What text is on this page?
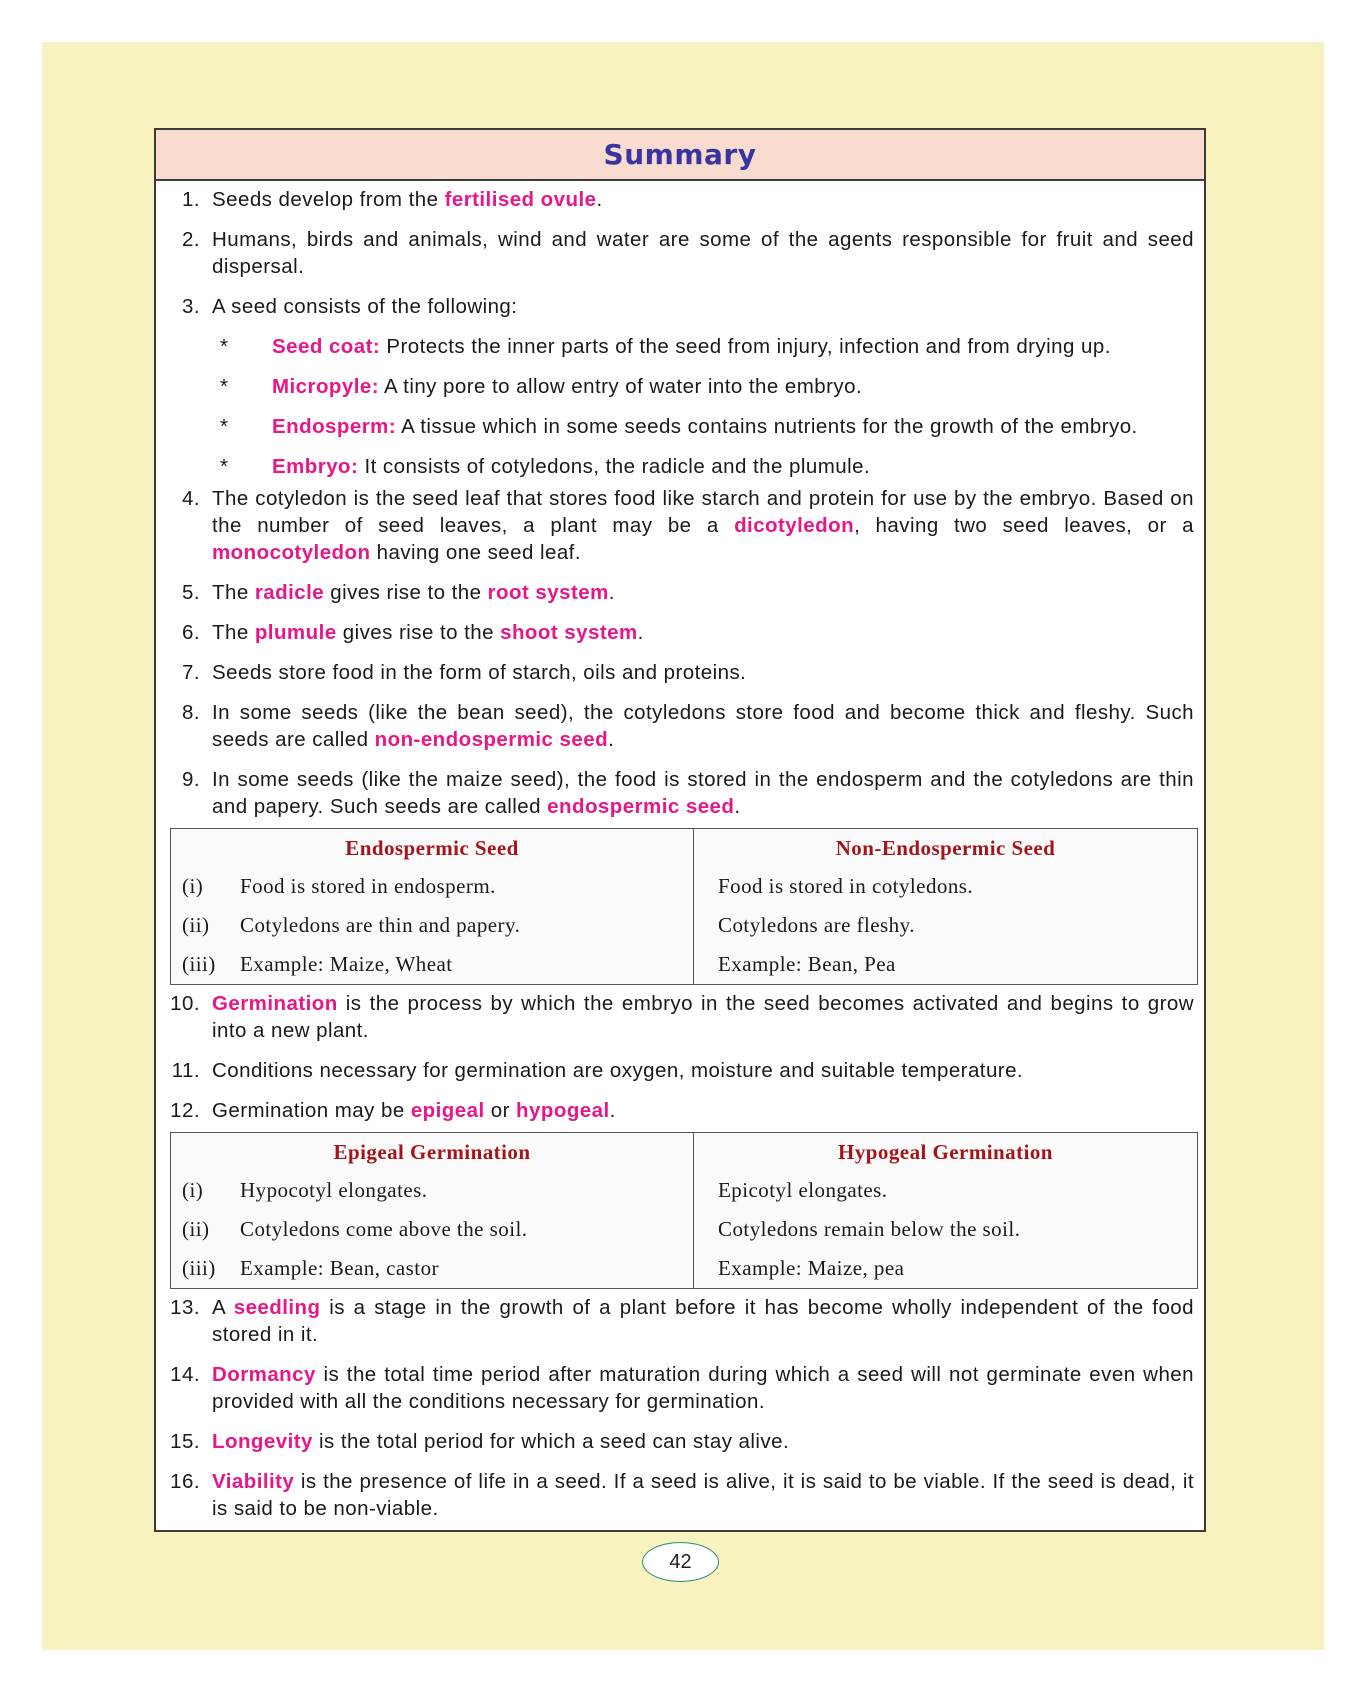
Summary
1. Seeds develop from the fertilised ovule.
2. Humans, birds and animals, wind and water are some of the agents responsible for fruit and seed dispersal.
3. A seed consists of the following:
*	Seed coat: Protects the inner parts of the seed from injury, infection and from drying up.
*	Micropyle: A tiny pore to allow entry of water into the embryo.
*	Endosperm: A tissue which in some seeds contains nutrients for the growth of the embryo.
*	Embryo: It consists of cotyledons, the radicle and the plumule.
4. The cotyledon is the seed leaf that stores food like starch and protein for use by the embryo. Based on the number of seed leaves, a plant may be a dicotyledon, having two seed leaves, or a monocotyledon having one seed leaf.
5. The radicle gives rise to the root system.
6. The plumule gives rise to the shoot system.
7. Seeds store food in the form of starch, oils and proteins.
8. In some seeds (like the bean seed), the cotyledons store food and become thick and fleshy. Such seeds are called non-endospermic seed.
9. In some seeds (like the maize seed), the food is stored in the endosperm and the cotyledons are thin and papery. Such seeds are called endospermic seed.
Endospermic Seed	Non-Endospermic Seed
(i) Food is stored in endosperm.	Food is stored in cotyledons.
(ii) Cotyledons are thin and papery.	Cotyledons are fleshy.
(iii) Example: Maize, Wheat	Example: Bean, Pea
10. Germination is the process by which the embryo in the seed becomes activated and begins to grow into a new plant.
11. Conditions necessary for germination are oxygen, moisture and suitable temperature.
12. Germination may be epigeal or hypogeal.
Epigeal Germination	Hypogeal Germination
(i) Hypocotyl elongates.	Epicotyl elongates.
(ii) Cotyledons come above the soil.	Cotyledons remain below the soil.
(iii) Example: Bean, castor	Example: Maize, pea
13. A seedling is a stage in the growth of a plant before it has become wholly independent of the food stored in it.
14. Dormancy is the total time period after maturation during which a seed will not germinate even when provided with all the conditions necessary for germination.
15. Longevity is the total period for which a seed can stay alive.
16. Viability is the presence of life in a seed. If a seed is alive, it is said to be viable. If the seed is dead, it is said to be non-viable.
42
